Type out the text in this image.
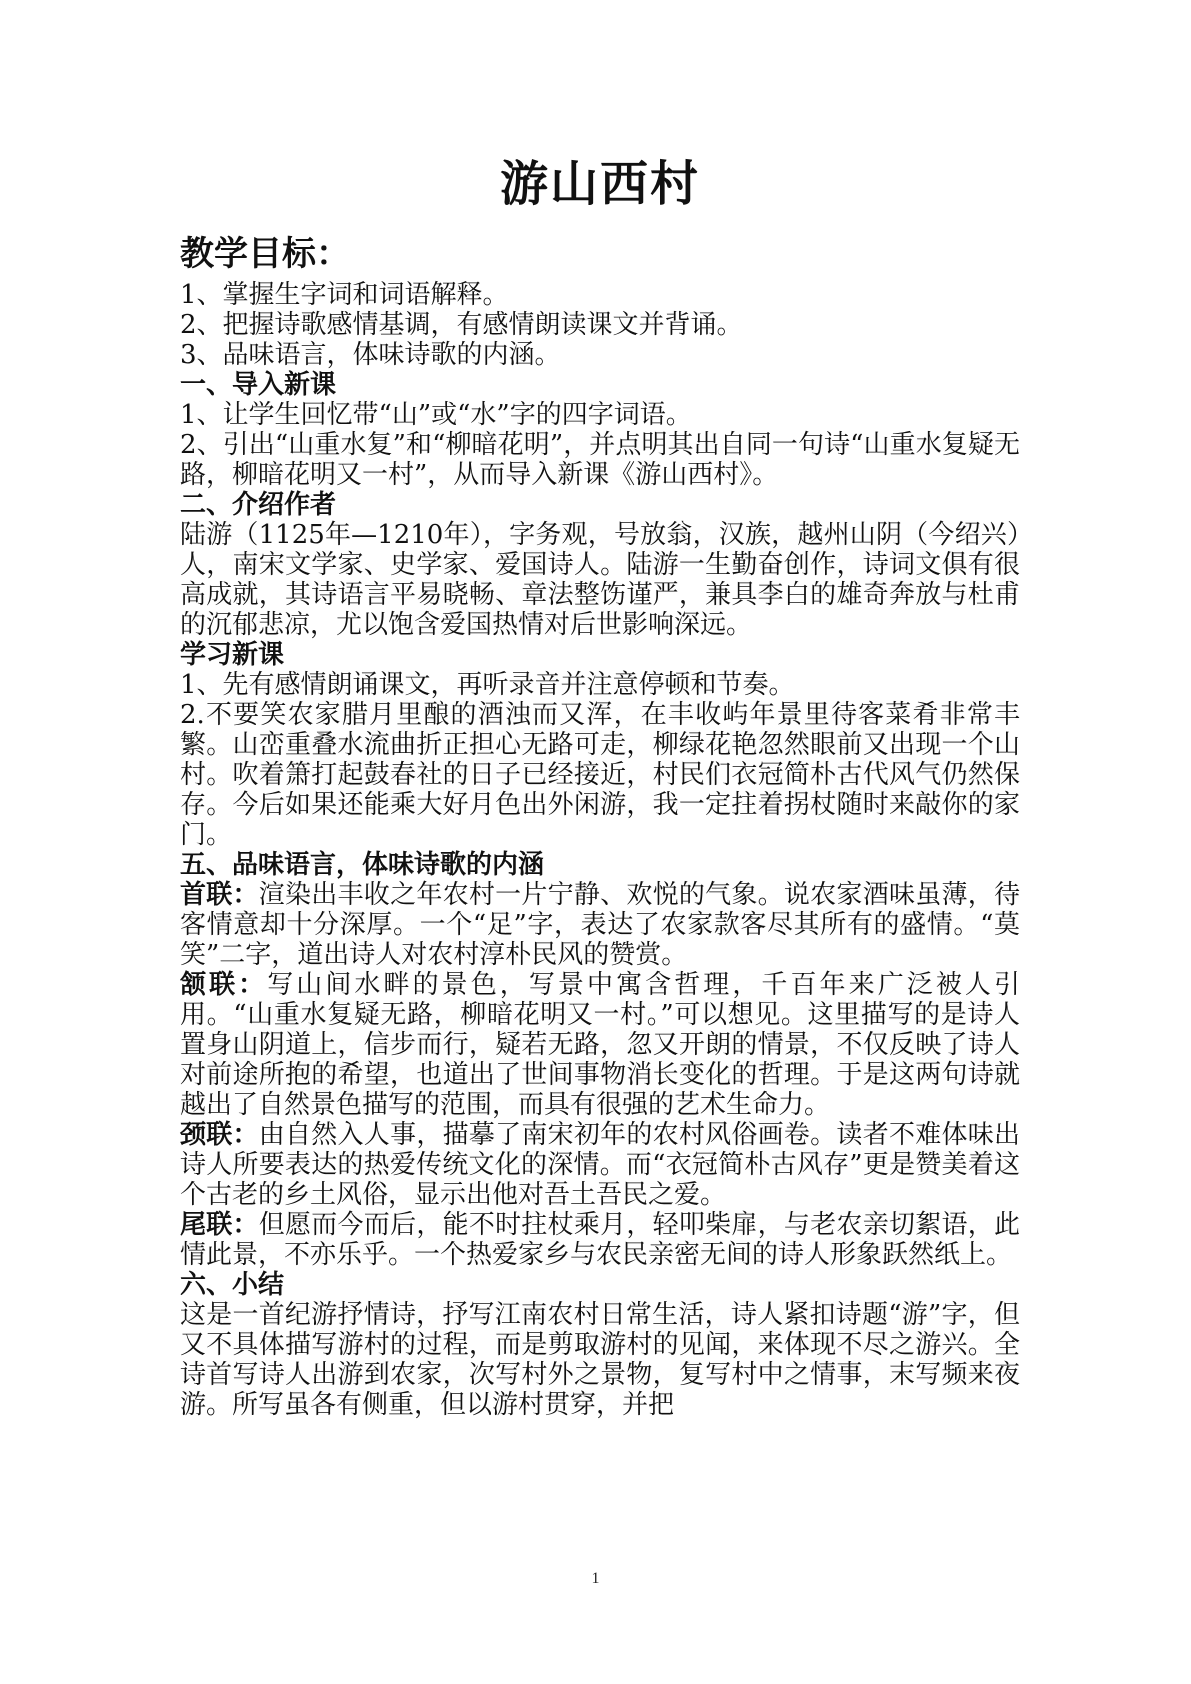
游山西村
教学目标：

1、掌握生字词和词语解释。

2、把握诗歌感情基调，有感情朗读课文并背诵。

3、品味语言，体味诗歌的内涵。

一、导入新课

1、让学生回忆带“山”或“水”字的四字词语。

2、引出“山重水复”和“柳暗花明”，并点明其出自同一句诗“山重水复疑无路，柳暗花明又一村”，从而导入新课《游山西村》。

二、介绍作者

陆游（1125年—1210年），字务观，号放翁，汉族，越州山阴（今绍兴）人，南宋文学家、史学家、爱国诗人。陆游一生勤奋创作，诗词文俱有很高成就，其诗语言平易晓畅、章法整饬谨严，兼具李白的雄奇奔放与杜甫的沉郁悲凉，尤以饱含爱国热情对后世影响深远。

学习新课

1、先有感情朗诵课文，再听录音并注意停顿和节奏。

2.不要笑农家腊月里酿的酒浊而又浑，在丰收屿年景里待客菜肴非常丰繁。山峦重叠水流曲折正担心无路可走，柳绿花艳忽然眼前又出现一个山村。吹着箫打起鼓春社的日子已经接近，村民们衣冠简朴古代风气仍然保存。今后如果还能乘大好月色出外闲游，我一定拄着拐杖随时来敲你的家门。

五、品味语言，体味诗歌的内涵

首联：渲染出丰收之年农村一片宁静、欢悦的气象。说农家酒味虽薄，待客情意却十分深厚。一个“足”字，表达了农家款客尽其所有的盛情。“莫笑”二字，道出诗人对农村淳朴民风的赞赏。

颔联：写山间水畔的景色，写景中寓含哲理，千百年来广泛被人引用。“山重水复疑无路，柳暗花明又一村。”可以想见。这里描写的是诗人置身山阴道上，信步而行，疑若无路，忽又开朗的情景，不仅反映了诗人对前途所抱的希望，也道出了世间事物消长变化的哲理。于是这两句诗就越出了自然景色描写的范围，而具有很强的艺术生命力。

颈联：由自然入人事，描摹了南宋初年的农村风俗画卷。读者不难体味出诗人所要表达的热爱传统文化的深情。而“衣冠简朴古风存”更是赞美着这个古老的乡土风俗，显示出他对吾土吾民之爱。

尾联：但愿而今而后，能不时拄杖乘月，轻叩柴扉，与老农亲切絮语，此情此景，不亦乐乎。一个热爱家乡与农民亲密无间的诗人形象跃然纸上。

六、小结

这是一首纪游抒情诗，抒写江南农村日常生活，诗人紧扣诗题“游”字，但又不具体描写游村的过程，而是剪取游村的见闻，来体现不尽之游兴。全诗首写诗人出游到农家，次写村外之景物，复写村中之情事，末写频来夜游。所写虽各有侧重，但以游村贯穿，并把

1
